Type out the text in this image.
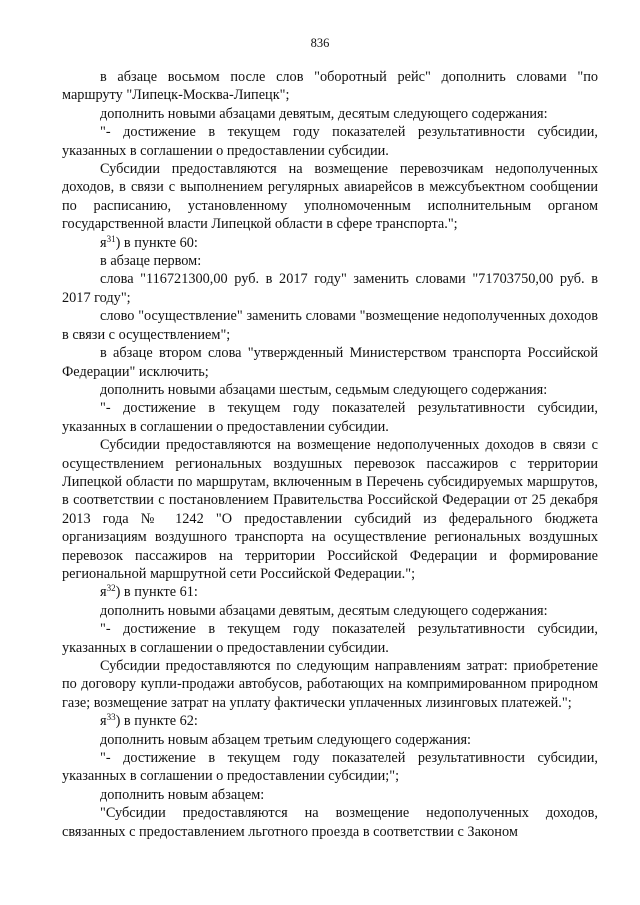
836

в абзаце восьмом после слов "оборотный рейс" дополнить словами "по маршруту "Липецк-Москва-Липецк";

дополнить новыми абзацами девятым, десятым следующего содержания:

"- достижение в текущем году показателей результативности субсидии, указанных в соглашении о предоставлении субсидии.

Субсидии предоставляются на возмещение перевозчикам недополученных доходов, в связи с выполнением регулярных авиарейсов в межсубъектном сообщении по расписанию, установленному уполномоченным исполнительным органом государственной власти Липецкой области в сфере транспорта.";

$я^{31}$) в пункте 60:

в абзаце первом:

слова "116721300,00 руб. в 2017 году" заменить словами "71703750,00 руб. в 2017 году";

слово "осуществление" заменить словами "возмещение недополученных доходов в связи с осуществлением";

в абзаце втором слова "утвержденный Министерством транспорта Российской Федерации" исключить;

дополнить новыми абзацами шестым, седьмым следующего содержания:

"- достижение в текущем году показателей результативности субсидии, указанных в соглашении о предоставлении субсидии.

Субсидии предоставляются на возмещение недополученных доходов в связи с осуществлением региональных воздушных перевозок пассажиров с территории Липецкой области по маршрутам, включенным в Перечень субсидируемых маршрутов, в соответствии с постановлением Правительства Российской Федерации от 25 декабря 2013 года № 1242 "О предоставлении субсидий из федерального бюджета организациям воздушного транспорта на осуществление региональных воздушных перевозок пассажиров на территории Российской Федерации и формирование региональной маршрутной сети Российской Федерации.";

$я^{32}$) в пункте 61:

дополнить новыми абзацами девятым, десятым следующего содержания:

"- достижение в текущем году показателей результативности субсидии, указанных в соглашении о предоставлении субсидии.

Субсидии предоставляются по следующим направлениям затрат: приобретение по договору купли-продажи автобусов, работающих на компримированном природном газе; возмещение затрат на уплату фактически уплаченных лизинговых платежей.";

$я^{33}$) в пункте 62:

дополнить новым абзацем третьим следующего содержания:

"- достижение в текущем году показателей результативности субсидии, указанных в соглашении о предоставлении субсидии;";

дополнить новым абзацем:

"Субсидии предоставляются на возмещение недополученных доходов, связанных с предоставлением льготного проезда в соответствии с Законом
